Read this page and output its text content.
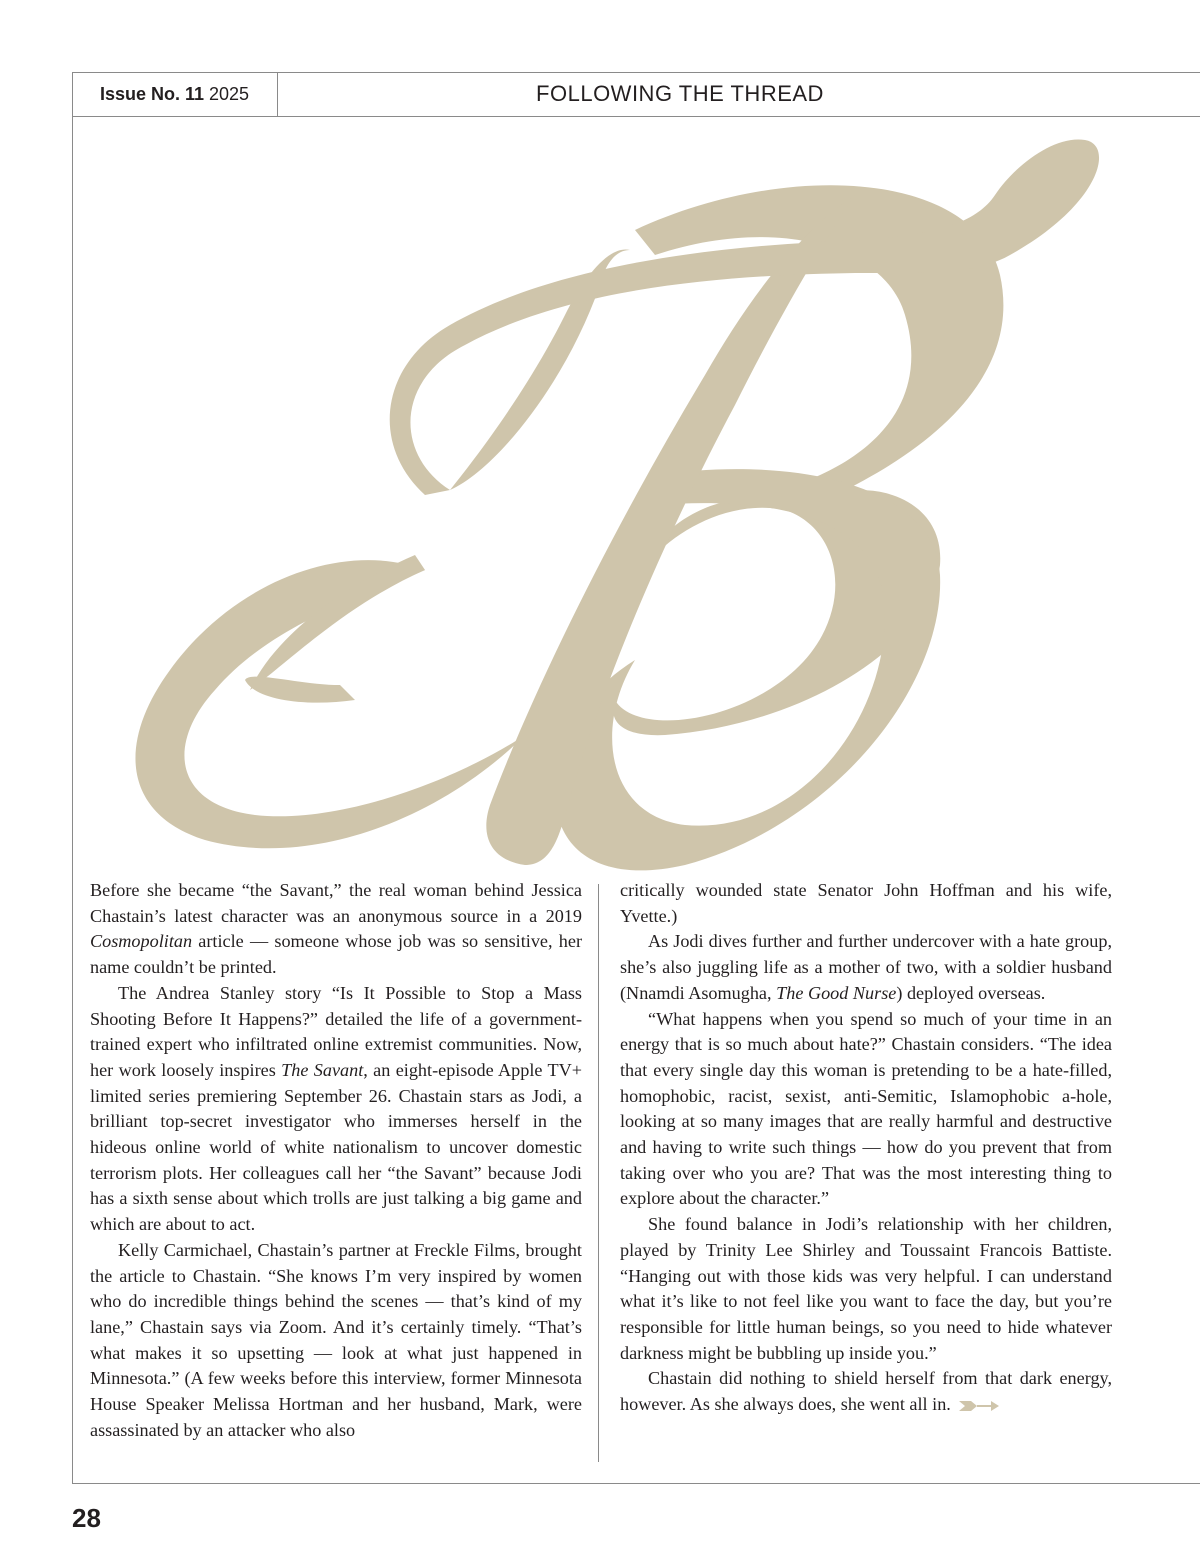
Issue No. 11 2025	FOLLOWING THE THREAD

Before she became “the Savant,” the real woman behind Jessica Chastain’s latest character was an anonymous source in a 2019 Cosmopolitan article — someone whose job was so sensitive, her name couldn’t be printed.

The Andrea Stanley story “Is It Possible to Stop a Mass Shooting Before It Happens?” detailed the life of a government-trained expert who infiltrated online extremist communities. Now, her work loosely inspires The Savant, an eight-episode Apple TV+ limited series premiering September 26. Chastain stars as Jodi, a brilliant top-secret investigator who immerses herself in the hideous online world of white nationalism to uncover domestic terrorism plots. Her colleagues call her “the Savant” because Jodi has a sixth sense about which trolls are just talking a big game and which are about to act.

Kelly Carmichael, Chastain’s partner at Freckle Films, brought the article to Chastain. “She knows I’m very inspired by women who do incredible things behind the scenes — that’s kind of my lane,” Chastain says via Zoom. And it’s certainly timely. “That’s what makes it so upsetting — look at what just happened in Minnesota.” (A few weeks before this interview, former Minnesota House Speaker Melissa Hortman and her husband, Mark, were assassinated by an attacker who also

critically wounded state Senator John Hoffman and his wife, Yvette.)

As Jodi dives further and further undercover with a hate group, she’s also juggling life as a mother of two, with a soldier husband (Nnamdi Asomugha, The Good Nurse) deployed overseas.

“What happens when you spend so much of your time in an energy that is so much about hate?” Chastain considers. “The idea that every single day this woman is pretending to be a hate-filled, homophobic, racist, sexist, anti-Semitic, Islamophobic a-hole, looking at so many images that are really harmful and destructive and having to write such things — how do you prevent that from taking over who you are? That was the most interesting thing to explore about the character.”

She found balance in Jodi’s relationship with her children, played by Trinity Lee Shirley and Toussaint Francois Battiste. “Hanging out with those kids was very helpful. I can understand what it’s like to not feel like you want to face the day, but you’re responsible for little human beings, so you need to hide whatever darkness might be bubbling up inside you.”

Chastain did nothing to shield herself from that dark energy, however. As she always does, she went all in.

28
